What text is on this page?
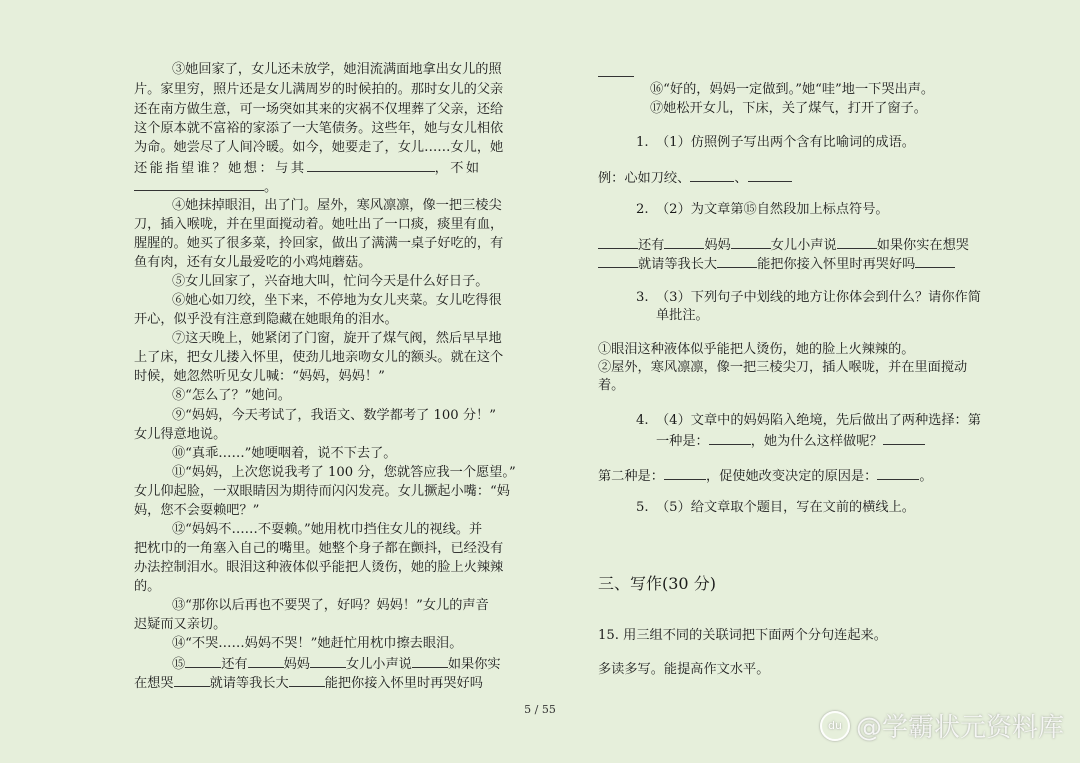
③她回家了，女儿还未放学，她泪流满面地拿出女儿的照
片。家里穷，照片还是女儿满周岁的时候拍的。那时女儿的父亲
还在南方做生意，可一场突如其来的灾祸不仅埋葬了父亲，还给
这个原本就不富裕的家添了一大笔债务。这些年，她与女儿相依
为命。她尝尽了人间冷暖。如今，她要走了，女儿……女儿，她
还能指望谁？她想：与其	，不如
。
④她抹掉眼泪，出了门。屋外，寒风凛凛，像一把三棱尖
刀，插入喉咙，并在里面搅动着。她吐出了一口痰，痰里有血，
腥腥的。她买了很多菜，拎回家，做出了满满一桌子好吃的，有
鱼有肉，还有女儿最爱吃的小鸡炖蘑菇。
⑤女儿回家了，兴奋地大叫，忙问今天是什么好日子。
⑥她心如刀绞，坐下来，不停地为女儿夹菜。女儿吃得很
开心，似乎没有注意到隐藏在她眼角的泪水。
⑦这天晚上，她紧闭了门窗，旋开了煤气阀，然后早早地
上了床，把女儿搂入怀里，使劲儿地亲吻女儿的额头。就在这个
时候，她忽然听见女儿喊：“妈妈，妈妈！”
⑧“怎么了？”她问。
⑨“妈妈，今天考试了，我语文、数学都考了 100 分！”
女儿得意地说。
⑩“真乖……”她哽咽着，说不下去了。
⑪“妈妈，上次您说我考了 100 分，您就答应我一个愿望。”
女儿仰起脸，一双眼睛因为期待而闪闪发亮。女儿撅起小嘴：“妈
妈，您不会耍赖吧？”
⑫“妈妈不……不耍赖。”她用枕巾挡住女儿的视线。并
把枕巾的一角塞入自己的嘴里。她整个身子都在颤抖，已经没有
办法控制泪水。眼泪这种液体似乎能把人烫伤，她的脸上火辣辣
的。
⑬“那你以后再也不要哭了，好吗？妈妈！”女儿的声音
迟疑而又亲切。
⑭“不哭……妈妈不哭！”她赶忙用枕巾擦去眼泪。
⑮	还有	妈妈	女儿小声说	如果你实
在想哭	就请等我长大	能把你接入怀里时再哭好吗
⑯“好的，妈妈一定做到。”她“哇”地一下哭出声。
⑰她松开女儿，下床，关了煤气，打开了窗子。
1. （1）仿照例子写出两个含有比喻词的成语。
例：心如刀绞、	、
2. （2）为文章第⑮自然段加上标点符号。
还有	妈妈	女儿小声说	如果你实在想哭
就请等我长大	能把你接入怀里时再哭好吗
3. （3）下列句子中划线的地方让你体会到什么？请你作简
单批注。
①眼泪这种液体似乎能把人烫伤，她的脸上火辣辣的。
②屋外，寒风凛凛，像一把三棱尖刀，插人喉咙，并在里面搅动
着。
4. （4）文章中的妈妈陷入绝境，先后做出了两种选择：第
一种是：	，她为什么这样做呢？
第二种是：	，促使她改变决定的原因是：	。
5. （5）给文章取个题目，写在文前的横线上。
三、写作(30 分)
15. 用三组不同的关联词把下面两个分句连起来。
多读多写。能提高作文水平。
5 / 55
du @学霸状元资料库
